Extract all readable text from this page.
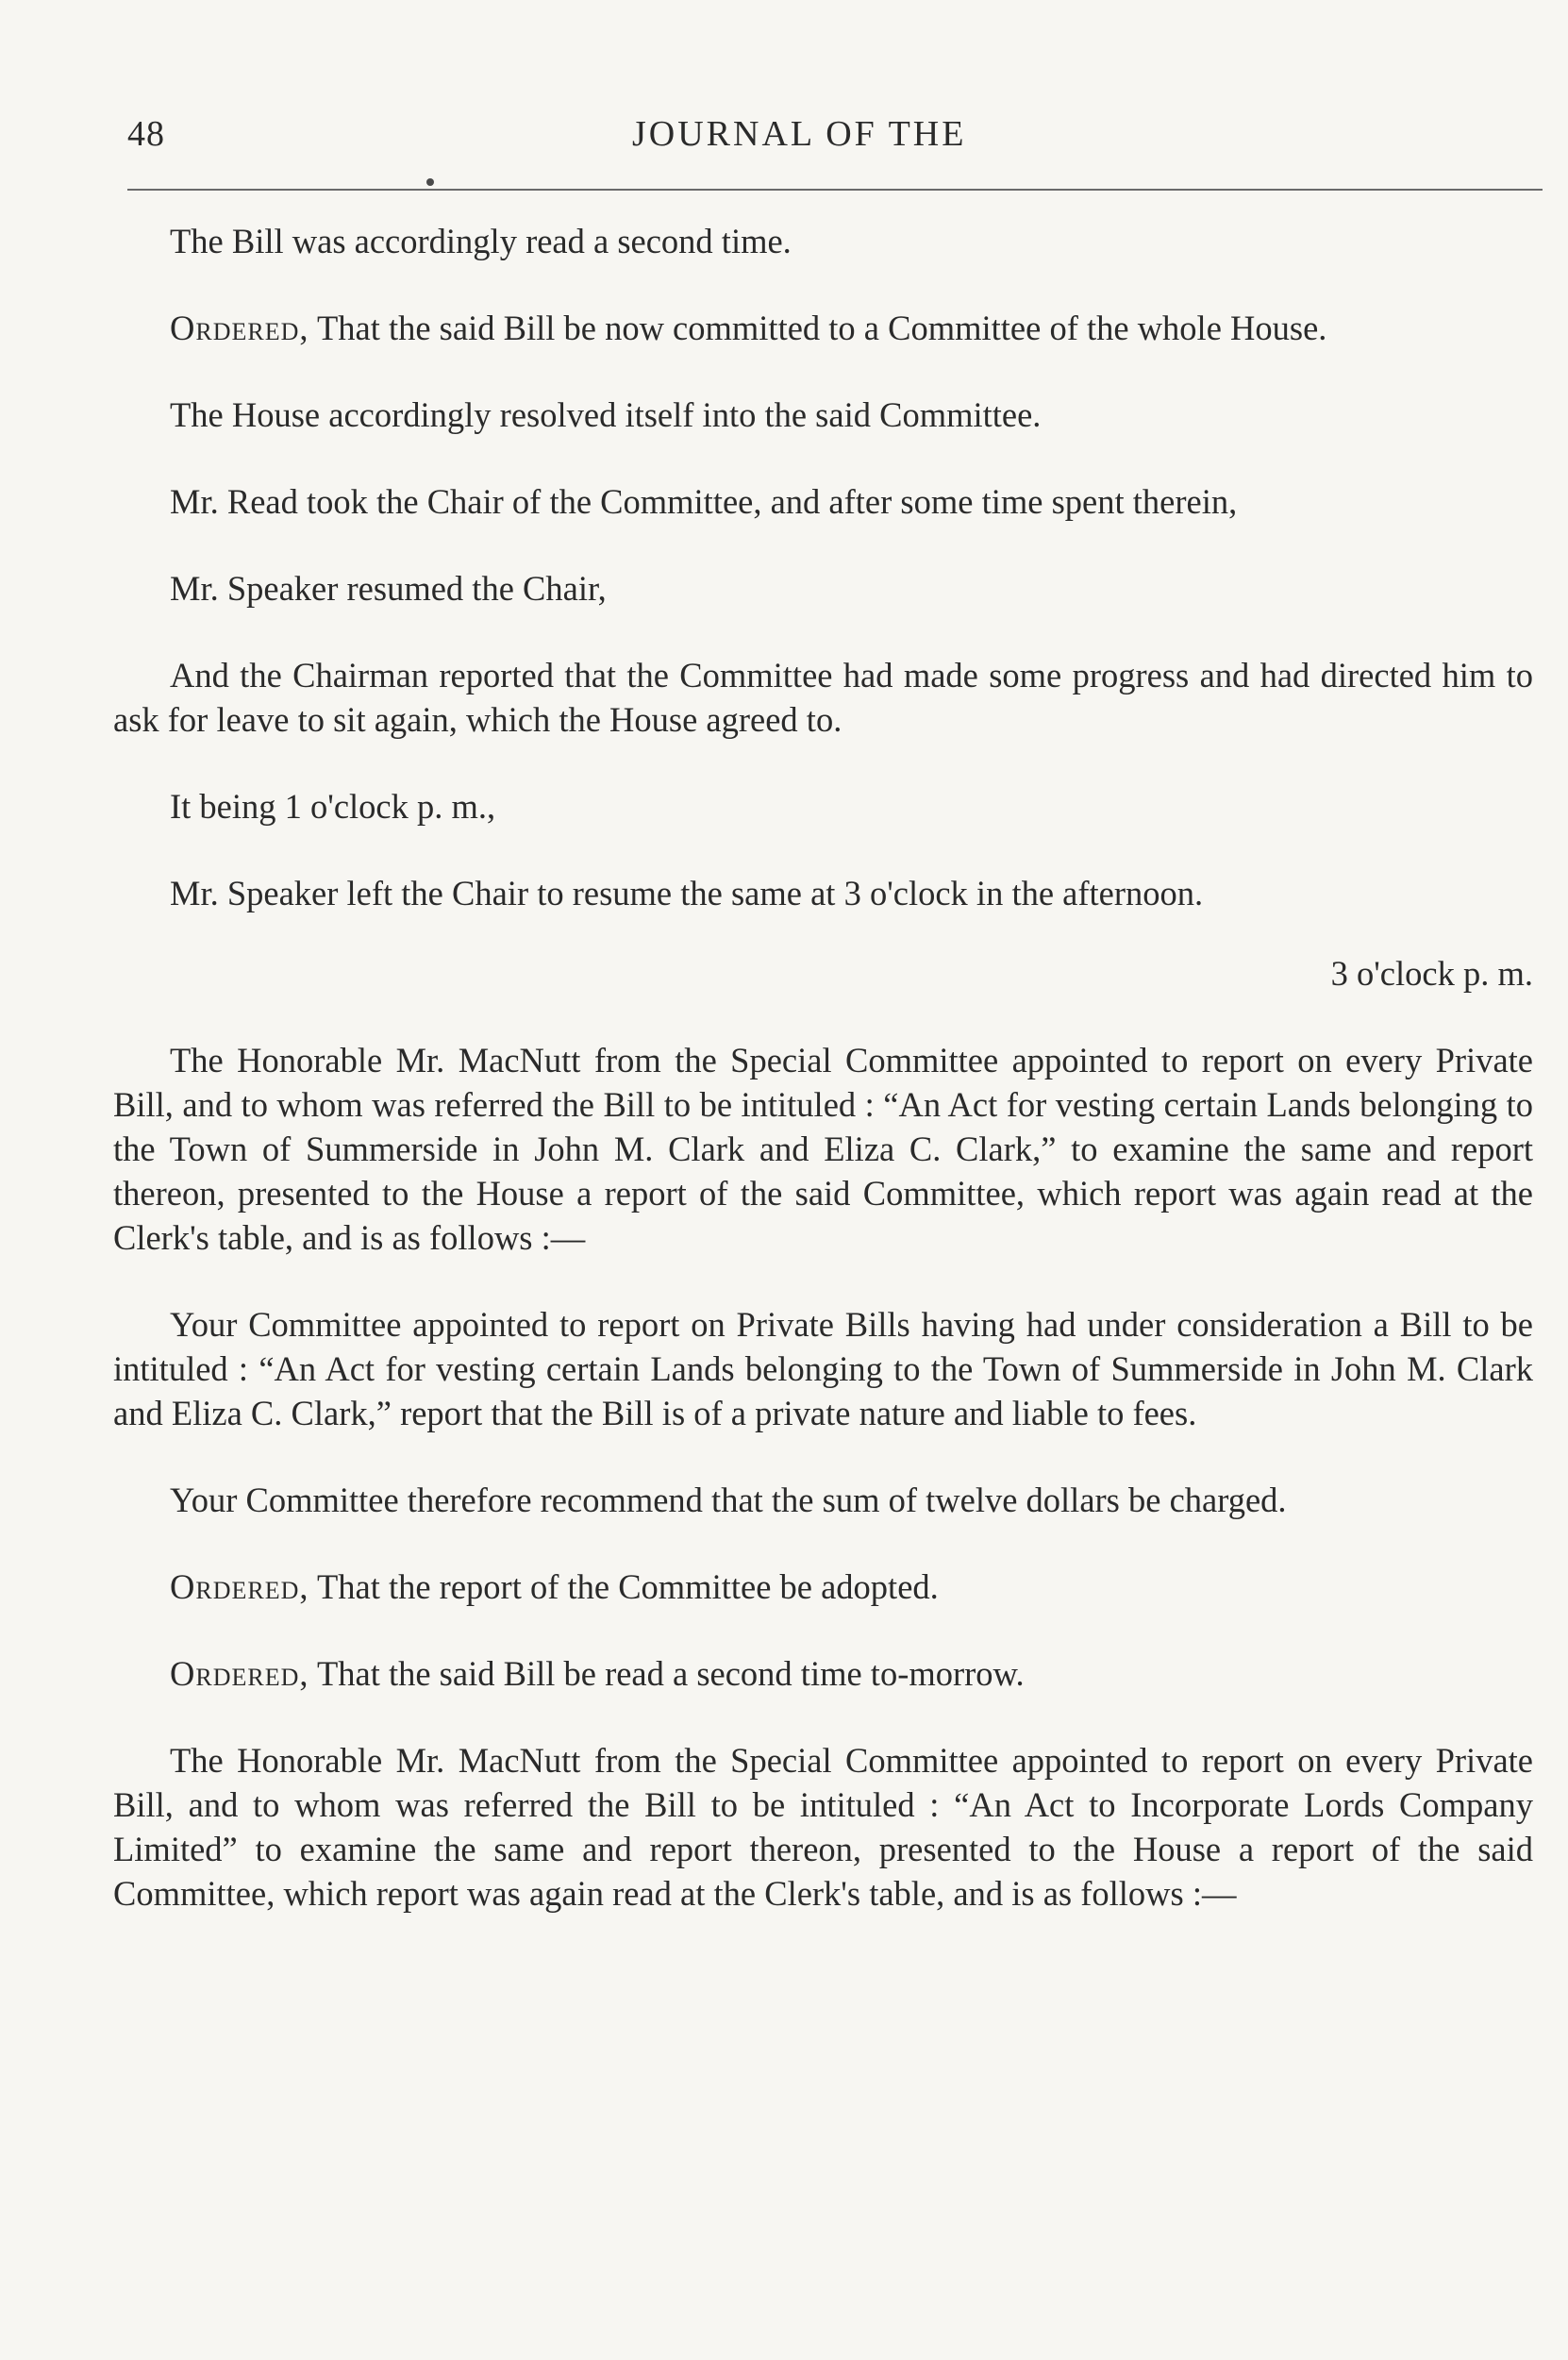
48	JOURNAL OF THE

The Bill was accordingly read a second time.

Ordered, That the said Bill be now committed to a Committee of the whole House.

The House accordingly resolved itself into the said Committee.

Mr. Read took the Chair of the Committee, and after some time spent therein,

Mr. Speaker resumed the Chair,

And the Chairman reported that the Committee had made some progress and had directed him to ask for leave to sit again, which the House agreed to.

It being 1 o'clock p. m.,

Mr. Speaker left the Chair to resume the same at 3 o'clock in the afternoon.

3 o'clock p. m.

The Honorable Mr. MacNutt from the Special Committee appointed to report on every Private Bill, and to whom was referred the Bill to be intituled : “An Act for vesting certain Lands belonging to the Town of Summerside in John M. Clark and Eliza C. Clark,” to examine the same and report thereon, presented to the House a report of the said Committee, which report was again read at the Clerk's table, and is as follows :—

Your Committee appointed to report on Private Bills having had under consideration a Bill to be intituled : “An Act for vesting certain Lands belonging to the Town of Summerside in John M. Clark and Eliza C. Clark,” report that the Bill is of a private nature and liable to fees.

Your Committee therefore recommend that the sum of twelve dollars be charged.

Ordered, That the report of the Committee be adopted.

Ordered, That the said Bill be read a second time to-morrow.

The Honorable Mr. MacNutt from the Special Committee appointed to report on every Private Bill, and to whom was referred the Bill to be intituled : “An Act to Incorporate Lords Company Limited” to examine the same and report thereon, presented to the House a report of the said Committee, which report was again read at the Clerk's table, and is as follows :—
